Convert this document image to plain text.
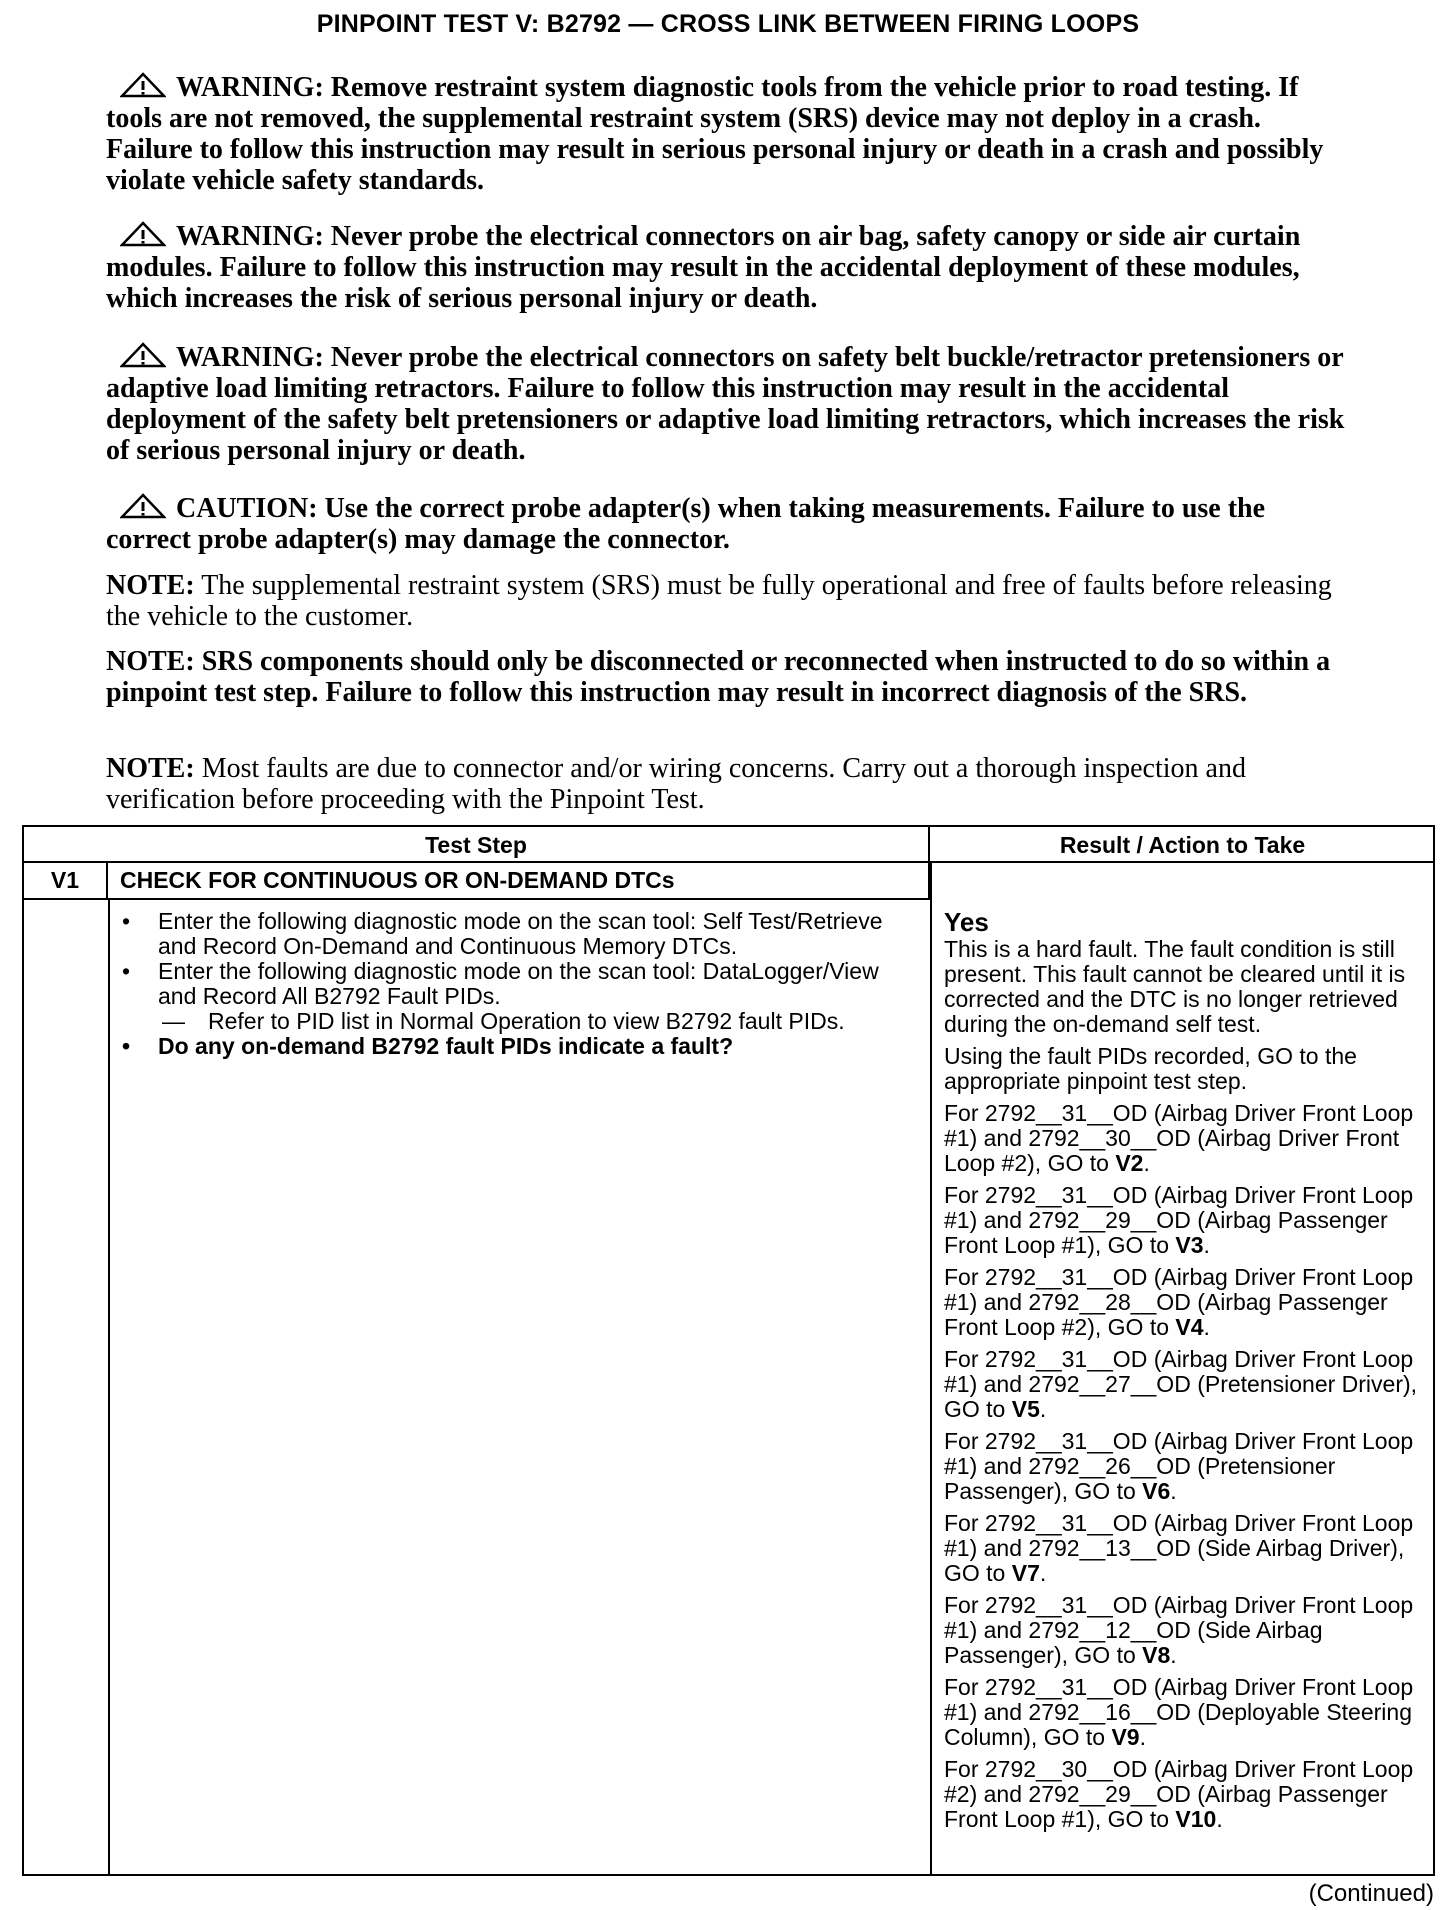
PINPOINT TEST V: B2792 — CROSS LINK BETWEEN FIRING LOOPS
WARNING: Remove restraint system diagnostic tools from the vehicle prior to road testing. If tools are not removed, the supplemental restraint system (SRS) device may not deploy in a crash. Failure to follow this instruction may result in serious personal injury or death in a crash and possibly violate vehicle safety standards.
WARNING: Never probe the electrical connectors on air bag, safety canopy or side air curtain modules. Failure to follow this instruction may result in the accidental deployment of these modules, which increases the risk of serious personal injury or death.
WARNING: Never probe the electrical connectors on safety belt buckle/retractor pretensioners or adaptive load limiting retractors. Failure to follow this instruction may result in the accidental deployment of the safety belt pretensioners or adaptive load limiting retractors, which increases the risk of serious personal injury or death.
CAUTION: Use the correct probe adapter(s) when taking measurements. Failure to use the correct probe adapter(s) may damage the connector.
NOTE: The supplemental restraint system (SRS) must be fully operational and free of faults before releasing the vehicle to the customer.
NOTE: SRS components should only be disconnected or reconnected when instructed to do so within a pinpoint test step. Failure to follow this instruction may result in incorrect diagnosis of the SRS.
NOTE: Most faults are due to connector and/or wiring concerns. Carry out a thorough inspection and verification before proceeding with the Pinpoint Test.
Test Step	Result / Action to Take
V1	CHECK FOR CONTINUOUS OR ON-DEMAND DTCs
• Enter the following diagnostic mode on the scan tool: Self Test/Retrieve and Record On-Demand and Continuous Memory DTCs.
• Enter the following diagnostic mode on the scan tool: DataLogger/View and Record All B2792 Fault PIDs.
— Refer to PID list in Normal Operation to view B2792 fault PIDs.
• Do any on-demand B2792 fault PIDs indicate a fault?
Yes

This is a hard fault. The fault condition is still present. This fault cannot be cleared until it is corrected and the DTC is no longer retrieved during the on-demand self test.

Using the fault PIDs recorded, GO to the appropriate pinpoint test step.

For 2792__31__OD (Airbag Driver Front Loop #1) and 2792__30__OD (Airbag Driver Front Loop #2), GO to V2.

For 2792__31__OD (Airbag Driver Front Loop #1) and 2792__29__OD (Airbag Passenger Front Loop #1), GO to V3.

For 2792__31__OD (Airbag Driver Front Loop #1) and 2792__28__OD (Airbag Passenger Front Loop #2), GO to V4.

For 2792__31__OD (Airbag Driver Front Loop #1) and 2792__27__OD (Pretensioner Driver), GO to V5.

For 2792__31__OD (Airbag Driver Front Loop #1) and 2792__26__OD (Pretensioner Passenger), GO to V6.

For 2792__31__OD (Airbag Driver Front Loop #1) and 2792__13__OD (Side Airbag Driver), GO to V7.

For 2792__31__OD (Airbag Driver Front Loop #1) and 2792__12__OD (Side Airbag Passenger), GO to V8.

For 2792__31__OD (Airbag Driver Front Loop #1) and 2792__16__OD (Deployable Steering Column), GO to V9.

For 2792__30__OD (Airbag Driver Front Loop #2) and 2792__29__OD (Airbag Passenger Front Loop #1), GO to V10.

(Continued)
